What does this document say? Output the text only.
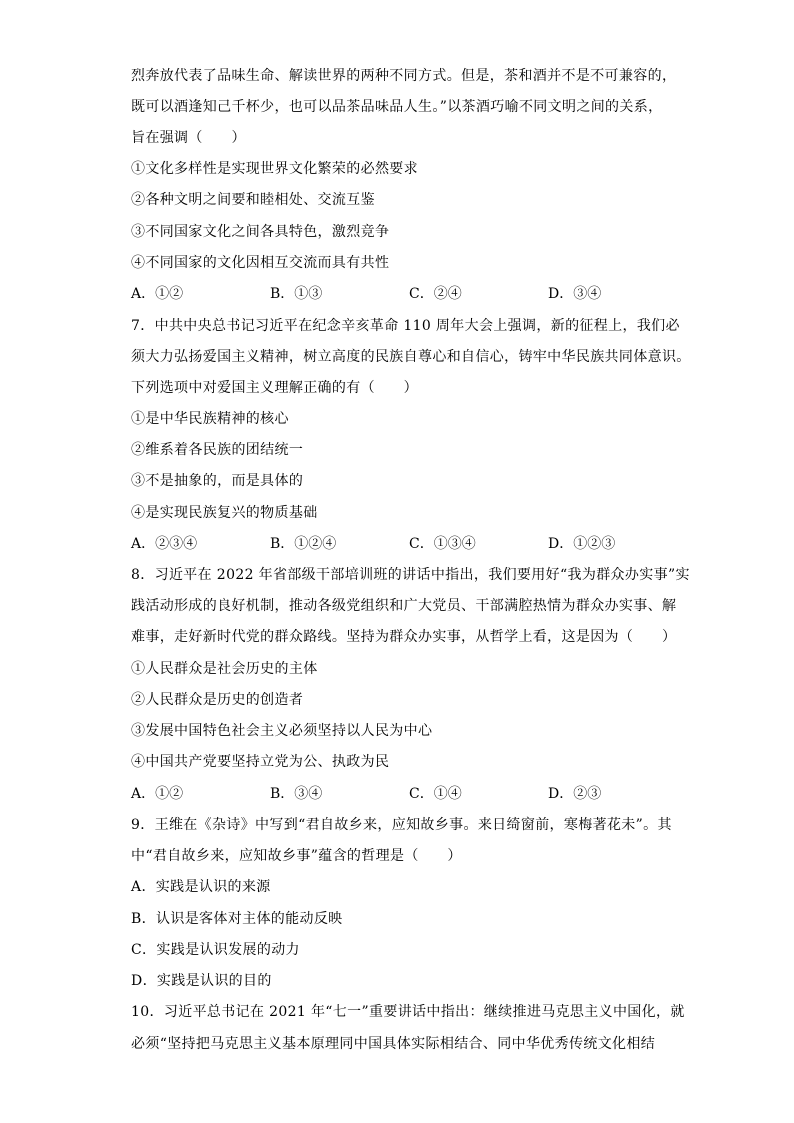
烈奔放代表了品味生命、解读世界的两种不同方式。但是，茶和酒并不是不可兼容的，
既可以酒逢知己千杯少，也可以品茶品味品人生。”以茶酒巧喻不同文明之间的关系，
旨在强调（　　）
①文化多样性是实现世界文化繁荣的必然要求
②各种文明之间要和睦相处、交流互鉴
③不同国家文化之间各具特色，激烈竞争
④不同国家的文化因相互交流而具有共性
A．①②	B．①③	C．②④	D．③④
7．中共中央总书记习近平在纪念辛亥革命 110 周年大会上强调，新的征程上，我们必
须大力弘扬爱国主义精神，树立高度的民族自尊心和自信心，铸牢中华民族共同体意识。
下列选项中对爱国主义理解正确的有（　　）
①是中华民族精神的核心
②维系着各民族的团结统一
③不是抽象的，而是具体的
④是实现民族复兴的物质基础
A．②③④	B．①②④	C．①③④	D．①②③
8．习近平在 2022 年省部级干部培训班的讲话中指出，我们要用好“我为群众办实事”实
践活动形成的良好机制，推动各级党组织和广大党员、干部满腔热情为群众办实事、解
难事，走好新时代党的群众路线。坚持为群众办实事，从哲学上看，这是因为（　　）
①人民群众是社会历史的主体
②人民群众是历史的创造者
③发展中国特色社会主义必须坚持以人民为中心
④中国共产党要坚持立党为公、执政为民
A．①②	B．③④	C．①④	D．②③
9．王维在《杂诗》中写到“君自故乡来，应知故乡事。来日绮窗前，寒梅著花未”。其
中“君自故乡来，应知故乡事”蕴含的哲理是（　　）
A．实践是认识的来源
B．认识是客体对主体的能动反映
C．实践是认识发展的动力
D．实践是认识的目的
10．习近平总书记在 2021 年“七一”重要讲话中指出：继续推进马克思主义中国化，就
必须“坚持把马克思主义基本原理同中国具体实际相结合、同中华优秀传统文化相结
